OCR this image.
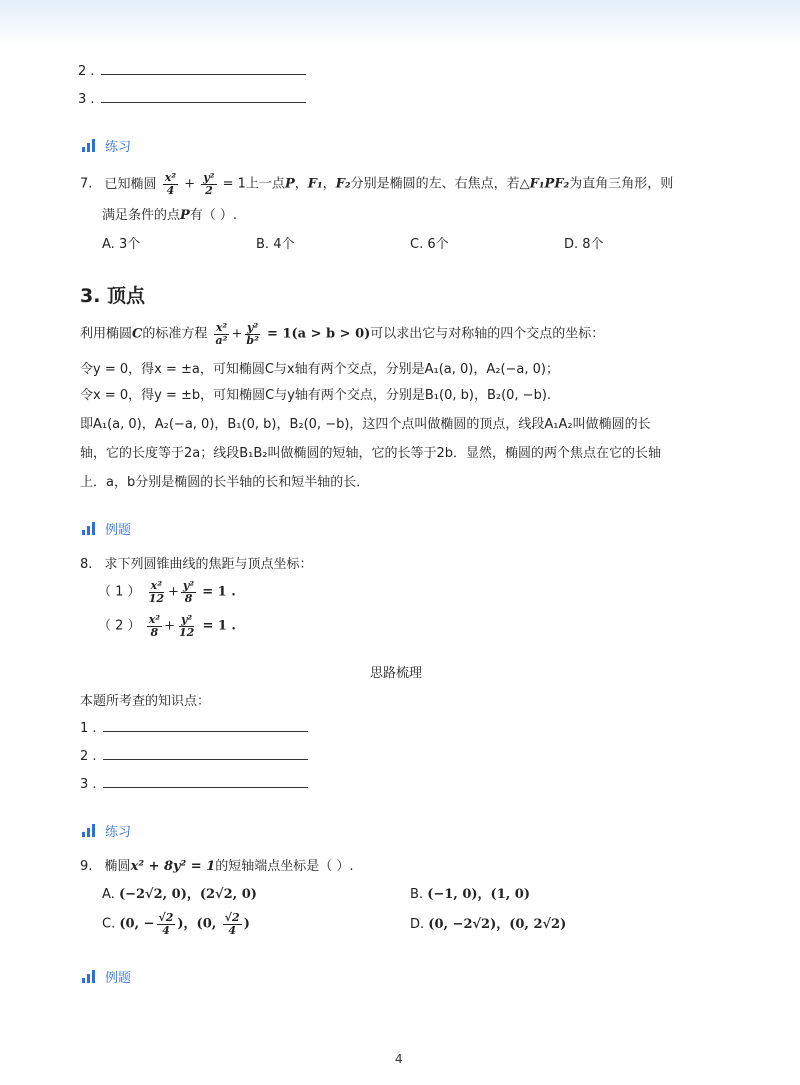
2 .
3 .
练习
7. 已知椭圆 $\frac{\text{x²}}{4} + \frac{\text{y²}}{2} = 1$上一点P，F₁，F₂分别是椭圆的左、右焦点，若△F₁PF₂为直角三角形，则
满足条件的点P有（ ）.
A. 3个	B. 4个	C. 6个	D. 8个
3. 顶点
利用椭圆C的标准方程 $\frac{\text{x²}}{\text{a²}} + \frac{\text{y²}}{\text{b²}} = 1(a > b > 0)$可以求出它与对称轴的四个交点的坐标：
令y = 0，得x = ±a，可知椭圆C与x轴有两个交点，分别是A₁(a, 0)，A₂(−a, 0)；
令x = 0，得y = ±b，可知椭圆C与y轴有两个交点，分别是B₁(0, b)，B₂(0, −b).
即A₁(a, 0)，A₂(−a, 0)，B₁(0, b)，B₂(0, −b)，这四个点叫做椭圆的顶点，线段A₁A₂叫做椭圆的长
轴，它的长度等于2a；线段B₁B₂叫做椭圆的短轴，它的长等于2b．显然，椭圆的两个焦点在它的长轴
上．a，b分别是椭圆的长半轴的长和短半轴的长．
例题
8. 求下列圆锥曲线的焦距与顶点坐标：
（ 1 ） $\frac{\text{x²}}{12} + \frac{\text{y²}}{8} = 1$ .
（ 2 ） $\frac{\text{x²}}{8} + \frac{\text{y²}}{12} = 1$ .
思路梳理
本题所考查的知识点：
1 .
2 .
3 .
练习
9. 椭圆x² + 8y² = 1的短轴端点坐标是（ ）.
A. (−2√2, 0)，(2√2, 0)	B. (−1, 0)，(1, 0)
C. (0, − $\frac{√2}{4}$ )，(0, $\frac{√2}{4}$ )	D. (0, −2√2)，(0, 2√2)
例题
4
